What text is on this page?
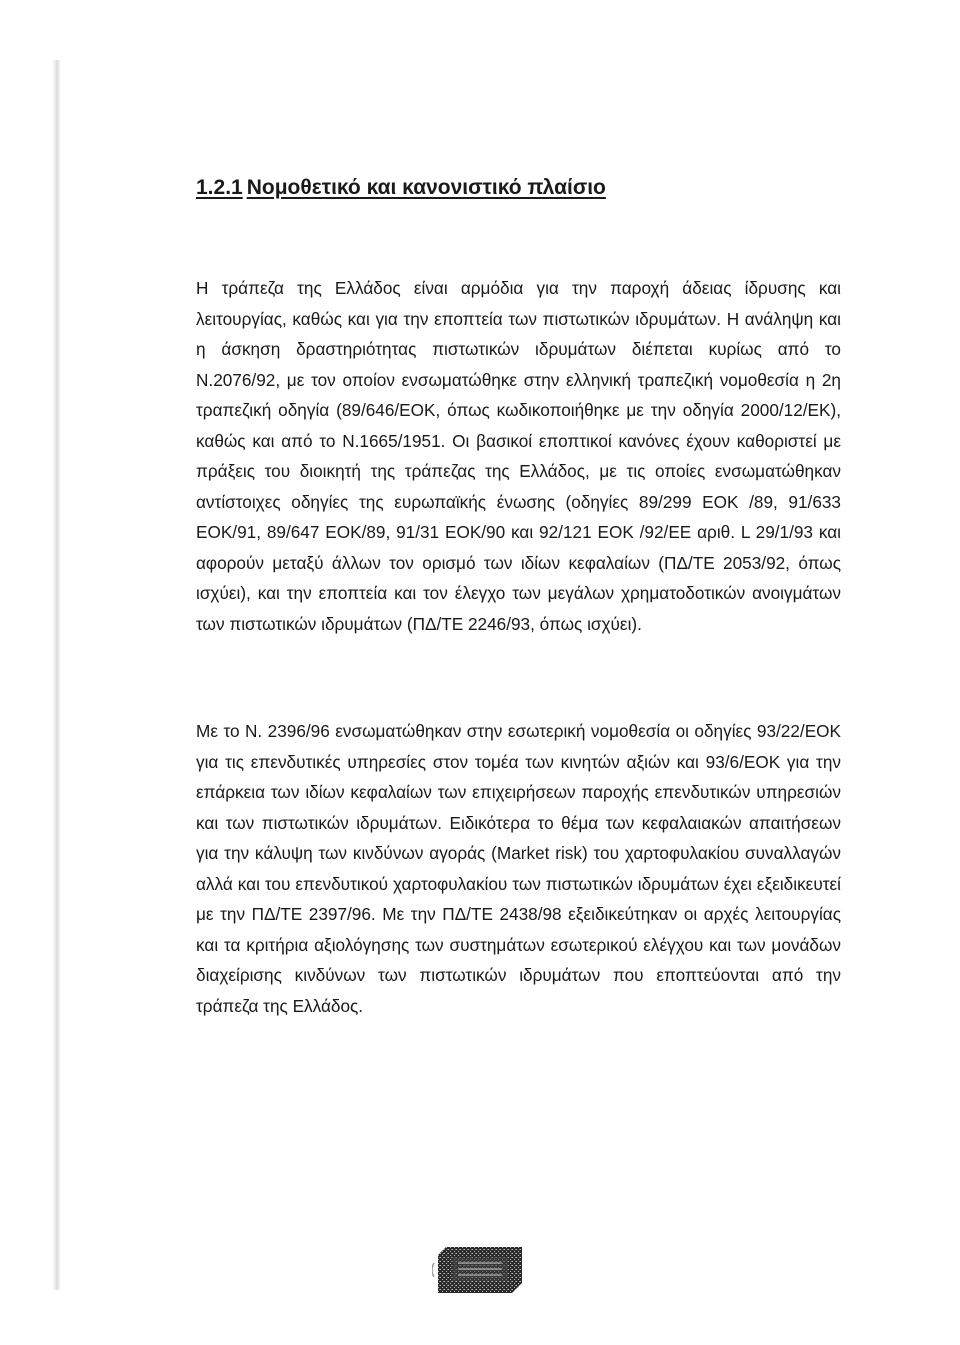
1.2.1 Νομοθετικό και κανονιστικό πλαίσιο

Η τράπεζα της Ελλάδος είναι αρμόδια για την παροχή άδειας ίδρυσης και λειτουργίας, καθώς και για την εποπτεία των πιστωτικών ιδρυμάτων. Η ανάληψη και η άσκηση δραστηριότητας πιστωτικών ιδρυμάτων διέπεται κυρίως από το Ν.2076/92, με τον οποίον ενσωματώθηκε στην ελληνική τραπεζική νομοθεσία η 2η τραπεζική οδηγία (89/646/ΕΟΚ, όπως κωδικοποιήθηκε με την οδηγία 2000/12/ΕΚ), καθώς και από το Ν.1665/1951. Οι βασικοί εποπτικοί κανόνες έχουν καθοριστεί με πράξεις του διοικητή της τράπεζας της Ελλάδος, με τις οποίες ενσωματώθηκαν αντίστοιχες οδηγίες της ευρωπαϊκής ένωσης (οδηγίες 89/299 ΕΟΚ /89, 91/633 ΕΟΚ/91, 89/647 ΕΟΚ/89, 91/31 ΕΟΚ/90 και 92/121 ΕΟΚ /92/ΕΕ αριθ. L 29/1/93 και αφορούν μεταξύ άλλων τον ορισμό των ιδίων κεφαλαίων (ΠΔ/ΤΕ 2053/92, όπως ισχύει), και την εποπτεία και τον έλεγχο των μεγάλων χρηματοδοτικών ανοιγμάτων των πιστωτικών ιδρυμάτων (ΠΔ/ΤΕ 2246/93, όπως ισχύει).

Με το Ν. 2396/96 ενσωματώθηκαν στην εσωτερική νομοθεσία οι οδηγίες 93/22/ΕΟΚ για τις επενδυτικές υπηρεσίες στον τομέα των κινητών αξιών και 93/6/ΕΟΚ για την επάρκεια των ιδίων κεφαλαίων των επιχειρήσεων παροχής επενδυτικών υπηρεσιών και των πιστωτικών ιδρυμάτων. Ειδικότερα το θέμα των κεφαλαιακών απαιτήσεων για την κάλυψη των κινδύνων αγοράς (Market risk) του χαρτοφυλακίου συναλλαγών αλλά και του επενδυτικού χαρτοφυλακίου των πιστωτικών ιδρυμάτων έχει εξειδικευτεί με την ΠΔ/ΤΕ 2397/96. Με την ΠΔ/ΤΕ 2438/98 εξειδικεύτηκαν οι αρχές λειτουργίας και τα κριτήρια αξιολόγησης των συστημάτων εσωτερικού ελέγχου και των μονάδων διαχείρισης κινδύνων των πιστωτικών ιδρυμάτων που εποπτεύονται από την τράπεζα της Ελλάδος.
